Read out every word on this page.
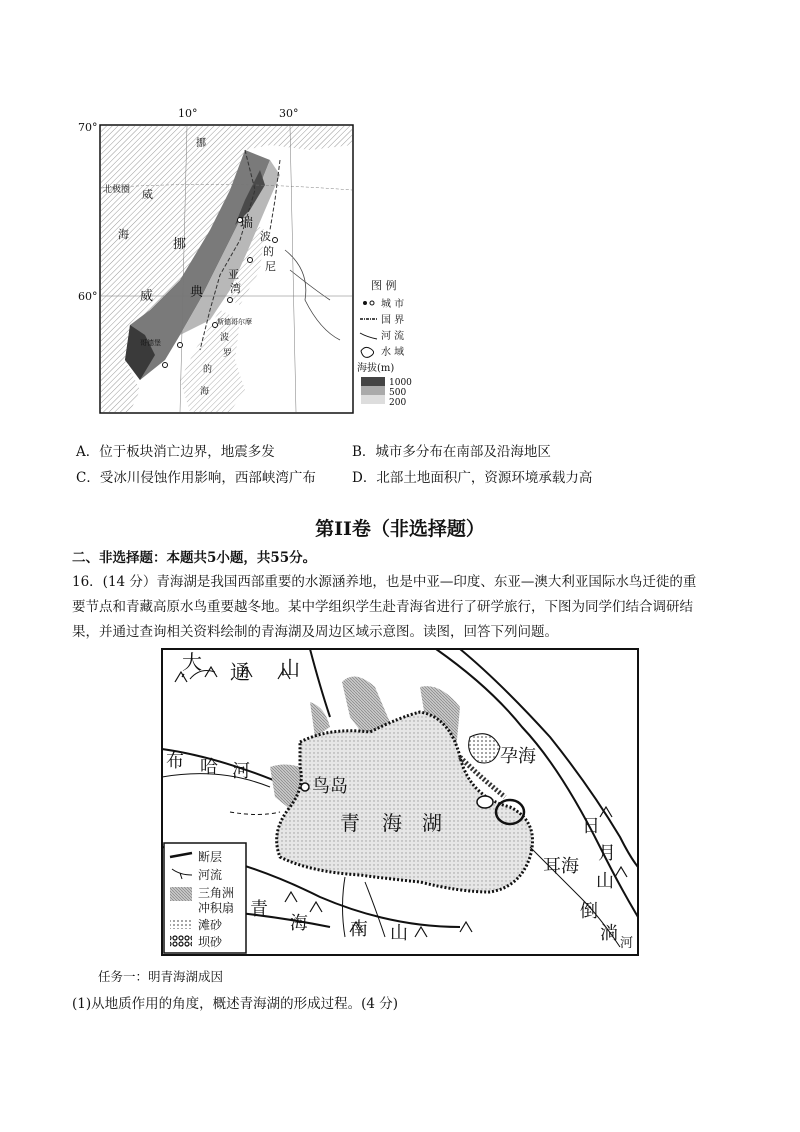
10°	30°
70°
60°
北极圈
挪
威
海
瑞
挪
威	典
波
的
尼
亚
湾
波
罗
的
海
斯德哥尔摩
哥德堡
图 例
城 市
国 界
河 流
水 域
海拔(m)
1000
500
200
A．位于板块消亡边界，地震多发	B．城市多分布在南部及沿海地区
C．受冰川侵蚀作用影响，西部峡湾广布	D．北部土地面积广，资源环境承载力高
第II卷（非选择题）
二、非选择题：本题共5小题，共55分。
16．(14 分）青海湖是我国西部重要的水源涵养地，也是中亚—印度、东亚—澳大利亚国际水鸟迁徙的重
要节点和青藏高原水鸟重要越冬地。某中学组织学生赴青海省进行了研学旅行，下图为同学们结合调研结
果，并通过查询相关资料绘制的青海湖及周边区域示意图。读图，回答下列问题。
大 通 山
布 哈 河
鸟岛
青 海 湖
孕海
耳海
日
月
山
倒
淌 河
青
海 南 山
断层
河流
三角洲
冲积扇
滩砂
坝砂
任务一：明青海湖成因
(1)从地质作用的角度，概述青海湖的形成过程。(4 分)
